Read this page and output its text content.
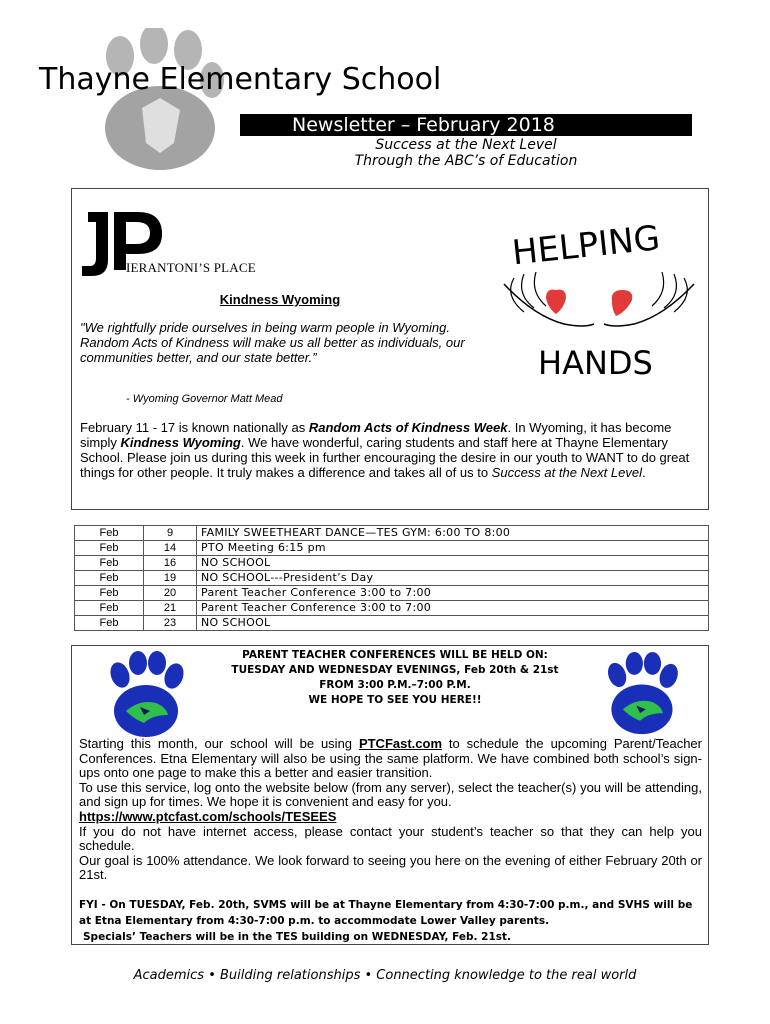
Thayne Elementary School
Newsletter – February 2018
Success at the Next Level
Through the ABC’s of Education
IERANTONI’S PLACE	HELPING
HANDS
Kindness Wyoming
"We rightfully pride ourselves in being warm people in Wyoming. Random Acts of Kindness will make us all better as individuals, our communities better, and our state better.”
- Wyoming Governor Matt Mead
February 11 - 17 is known nationally as Random Acts of Kindness Week. In Wyoming, it has become simply Kindness Wyoming. We have wonderful, caring students and staff here at Thayne Elementary School. Please join us during this week in further encouraging the desire in our youth to WANT to do great things for other people. It truly makes a difference and takes all of us to Success at the Next Level.
Feb	9	FAMILY SWEETHEART DANCE—TES GYM: 6:00 TO 8:00
Feb	14	PTO Meeting 6:15 pm
Feb	16	NO SCHOOL
Feb	19	NO SCHOOL---President’s Day
Feb	20	Parent Teacher Conference 3:00 to 7:00
Feb	21	Parent Teacher Conference 3:00 to 7:00
Feb	23	NO SCHOOL
PARENT TEACHER CONFERENCES WILL BE HELD ON:
TUESDAY AND WEDNESDAY EVENINGS, Feb 20th & 21st
FROM 3:00 P.M.–7:00 P.M.
WE HOPE TO SEE YOU HERE!!

Starting this month, our school will be using PTCFast.com to schedule the upcoming Parent/Teacher Conferences. Etna Elementary will also be using the same platform. We have combined both school’s sign-ups onto one page to make this a better and easier transition.

To use this service, log onto the website below (from any server), select the teacher(s) you will be attending, and sign up for times. We hope it is convenient and easy for you.

https://www.ptcfast.com/schools/TESEES

If you do not have internet access, please contact your student’s teacher so that they can help you schedule.

Our goal is 100% attendance. We look forward to seeing you here on the evening of either February 20th or 21st.

FYI - On TUESDAY, Feb. 20th, SVMS will be at Thayne Elementary from 4:30-7:00 p.m., and SVHS will be at Etna Elementary from 4:30-7:00 p.m. to accommodate Lower Valley parents.
Specials’ Teachers will be in the TES building on WEDNESDAY, Feb. 21st.
Academics • Building relationships • Connecting knowledge to the real world
